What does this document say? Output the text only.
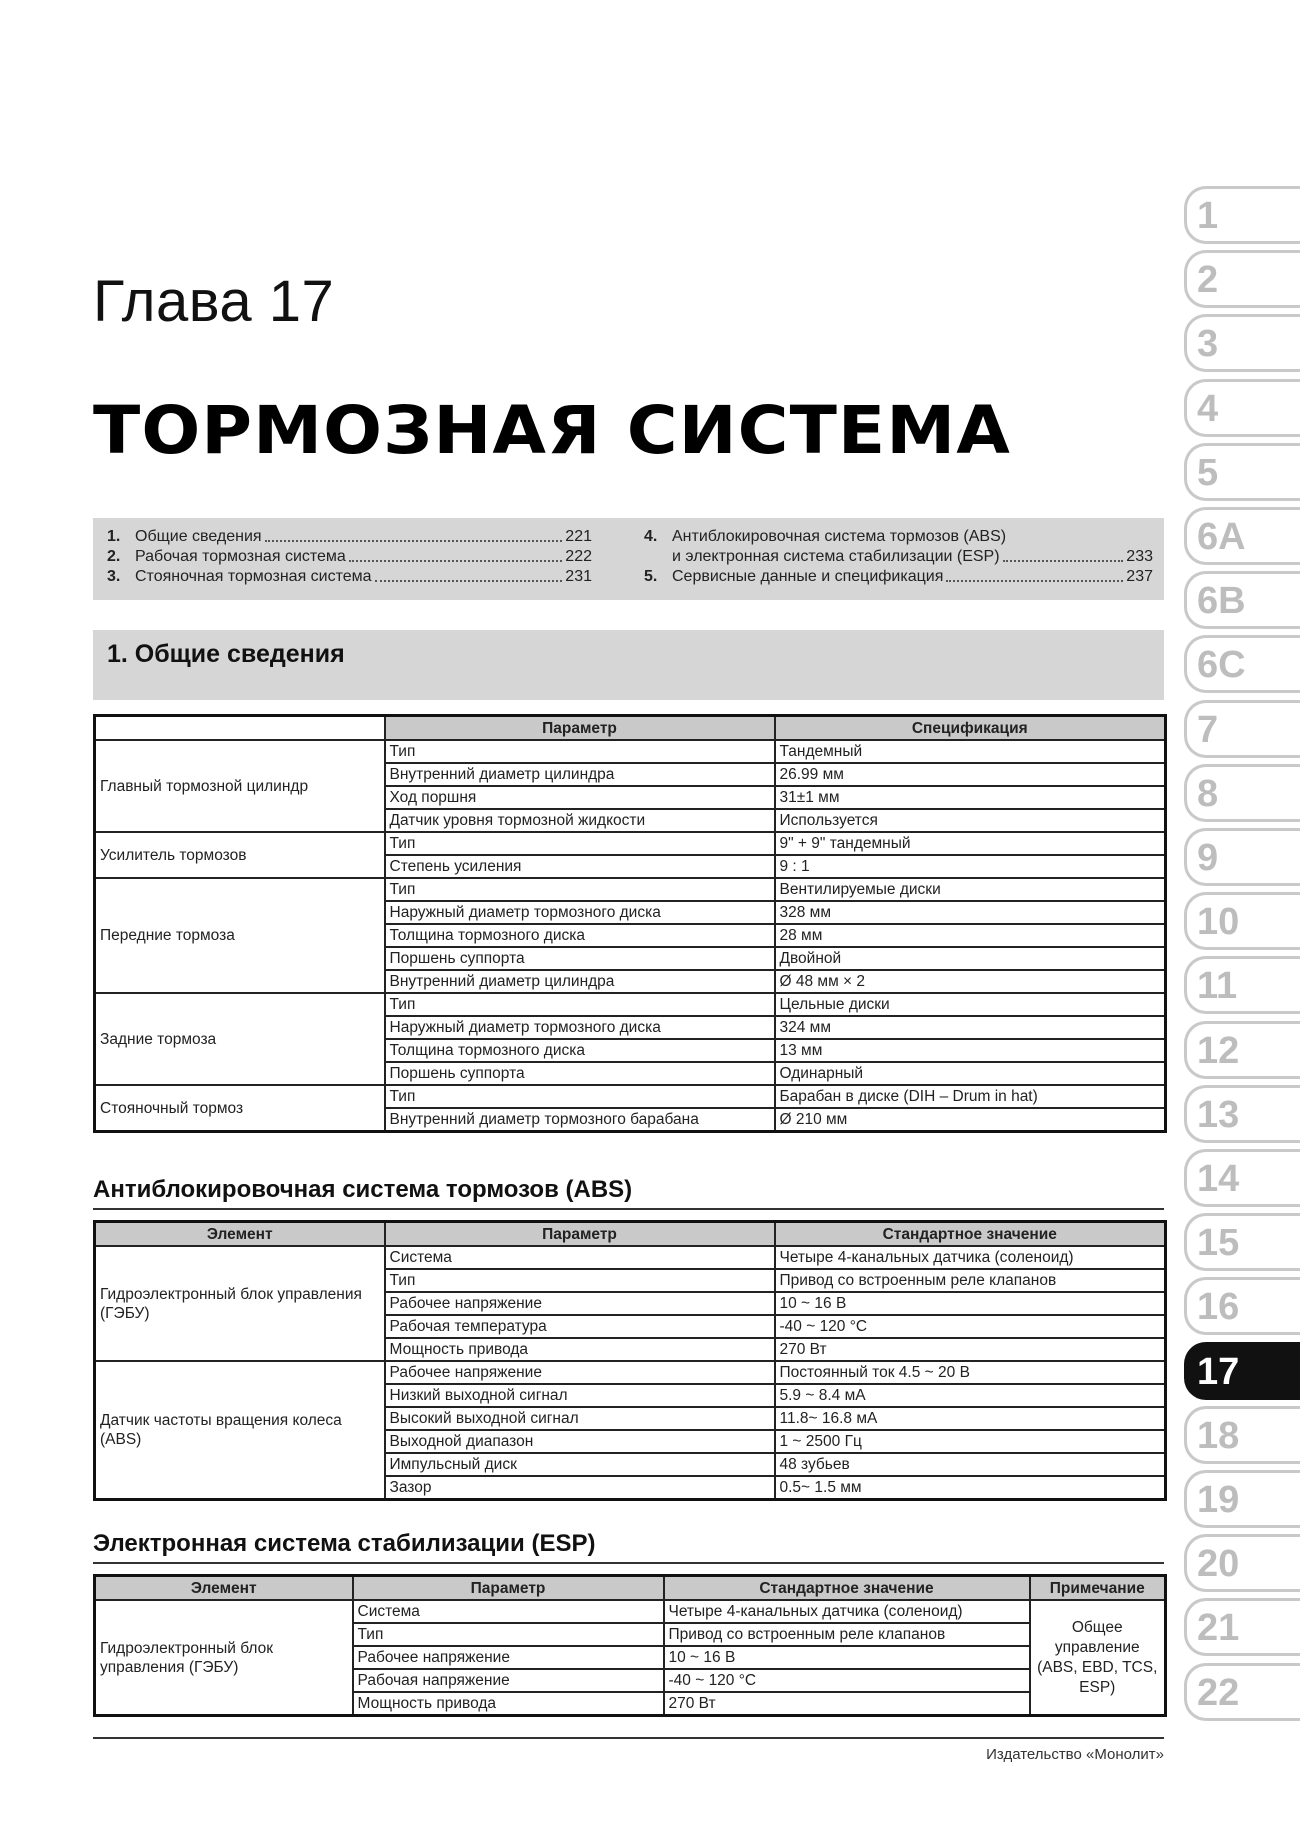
Глава 17
ТОРМОЗНАЯ СИСТЕМА
1. Общие сведения	221
2. Рабочая тормозная система	222
3. Стояночная тормозная система	231
4. Антиблокировочная система тормозов (ABS)
и электронная система стабилизации (ESP)	233
5. Сервисные данные и спецификация	237
1. Общие сведения
	Параметр	Спецификация
Главный тормозной цилиндр	Тип	Тандемный
	Внутренний диаметр цилиндра	26.99 мм
	Ход поршня	31±1 мм
	Датчик уровня тормозной жидкости	Используется
Усилитель тормозов	Тип	9" + 9" тандемный
	Степень усиления	9 : 1
Передние тормоза	Тип	Вентилируемые диски
	Наружный диаметр тормозного диска	328 мм
	Толщина тормозного диска	28 мм
	Поршень суппорта	Двойной
	Внутренний диаметр цилиндра	Ø 48 мм × 2
Задние тормоза	Тип	Цельные диски
	Наружный диаметр тормозного диска	324 мм
	Толщина тормозного диска	13 мм
	Поршень суппорта	Одинарный
Стояночный тормоз	Тип	Барабан в диске (DIH – Drum in hat)
	Внутренний диаметр тормозного барабана	Ø 210 мм
Антиблокировочная система тормозов (ABS)
Элемент	Параметр	Стандартное значение
Гидроэлектронный блок управления (ГЭБУ)	Система	Четыре 4-канальных датчика (соленоид)
	Тип	Привод со встроенным реле клапанов
	Рабочее напряжение	10 ~ 16 В
	Рабочая температура	-40 ~ 120 °C
	Мощность привода	270 Вт
Датчик частоты вращения колеса (ABS)	Рабочее напряжение	Постоянный ток 4.5 ~ 20 В
	Низкий выходной сигнал	5.9 ~ 8.4 мА
	Высокий выходной сигнал	11.8~ 16.8 мА
	Выходной диапазон	1 ~ 2500 Гц
	Импульсный диск	48 зубьев
	Зазор	0.5~ 1.5 мм
Электронная система стабилизации (ESP)
Элемент	Параметр	Стандартное значение	Примечание
Гидроэлектронный блок управления (ГЭБУ)	Система	Четыре 4-канальных датчика (соленоид)	Общее управление (ABS, EBD, TCS, ESP)
	Тип	Привод со встроенным реле клапанов	
	Рабочее напряжение	10 ~ 16 В	
	Рабочая напряжение	-40 ~ 120 °C	
	Мощность привода	270 Вт	
Издательство «Монолит»
1
2
3
4
5
6A
6B
6C
7
8
9
10
11
12
13
14
15
16
17
18
19
20
21
22
